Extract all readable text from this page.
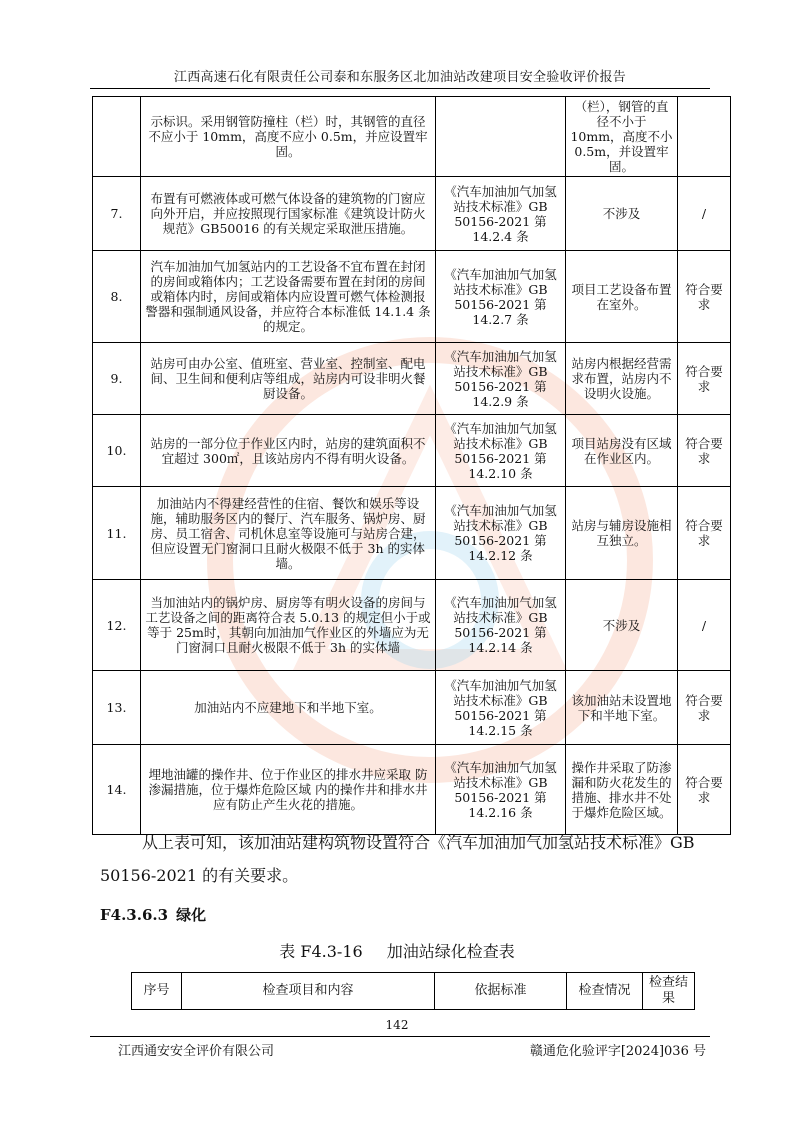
江西高速石化有限责任公司泰和东服务区北加油站改建项目安全验收评价报告
	示标识。采用钢管防撞柱（栏）时，其钢管的直径不应小于 10mm，高度不应小 0.5m，并应设置牢固。		（栏），钢管的直径不小于 10mm，高度不小 0.5m，并设置牢固。	
7.	布置有可燃液体或可燃气体设备的建筑物的门窗应向外开启，并应按照现行国家标准《建筑设计防火规范》GB50016 的有关规定采取泄压措施。	《汽车加油加气加氢站技术标准》GB 50156-2021 第 14.2.4 条	不涉及	/
8.	汽车加油加气加氢站内的工艺设备不宜布置在封闭的房间或箱体内；工艺设备需要布置在封闭的房间或箱体内时，房间或箱体内应设置可燃气体检测报警器和强制通风设备，并应符合本标准低 14.1.4 条的规定。	《汽车加油加气加氢站技术标准》GB 50156-2021 第 14.2.7 条	项目工艺设备布置在室外。	符合要求
9.	站房可由办公室、值班室、营业室、控制室、配电间、卫生间和便利店等组成，站房内可设非明火餐厨设备。	《汽车加油加气加氢站技术标准》GB 50156-2021 第 14.2.9 条	站房内根据经营需求布置，站房内不设明火设施。	符合要求
10.	站房的一部分位于作业区内时，站房的建筑面积不宜超过 300㎡，且该站房内不得有明火设备。	《汽车加油加气加氢站技术标准》GB 50156-2021 第 14.2.10 条	项目站房没有区域在作业区内。	符合要求
11.	加油站内不得建经营性的住宿、餐饮和娱乐等设施，辅助服务区内的餐厅、汽车服务、锅炉房、厨房、员工宿舍、司机休息室等设施可与站房合建，但应设置无门窗洞口且耐火极限不低于 3h 的实体墙。	《汽车加油加气加氢站技术标准》GB 50156-2021 第 14.2.12 条	站房与辅房设施相互独立。	符合要求
12.	当加油站内的锅炉房、厨房等有明火设备的房间与工艺设备之间的距离符合表 5.0.13 的规定但小于或等于 25m时，其朝向加油加气作业区的外墙应为无门窗洞口且耐火极限不低于 3h 的实体墙	《汽车加油加气加氢站技术标准》GB 50156-2021 第 14.2.14 条	不涉及	/
13.	加油站内不应建地下和半地下室。	《汽车加油加气加氢站技术标准》GB 50156-2021 第 14.2.15 条	该加油站未设置地下和半地下室。	符合要求
14.	埋地油罐的操作井、位于作业区的排水井应采取 防渗漏措施，位于爆炸危险区域 内的操作井和排水井 应有防止产生火花的措施。	《汽车加油加气加氢站技术标准》GB 50156-2021 第 14.2.16 条	操作井采取了防渗漏和防火花发生的措施、排水井不处于爆炸危险区域。	符合要求

从上表可知，该加油站建构筑物设置符合《汽车加油加气加氢站技术标准》GB 50156-2021 的有关要求。

F4.3.6.3 绿化
表 F4.3-16 加油站绿化检查表
序号	检查项目和内容	依据标准	检查情况	检查结果
142
江西通安安全评价有限公司	赣通危化验评字[2024]036 号
